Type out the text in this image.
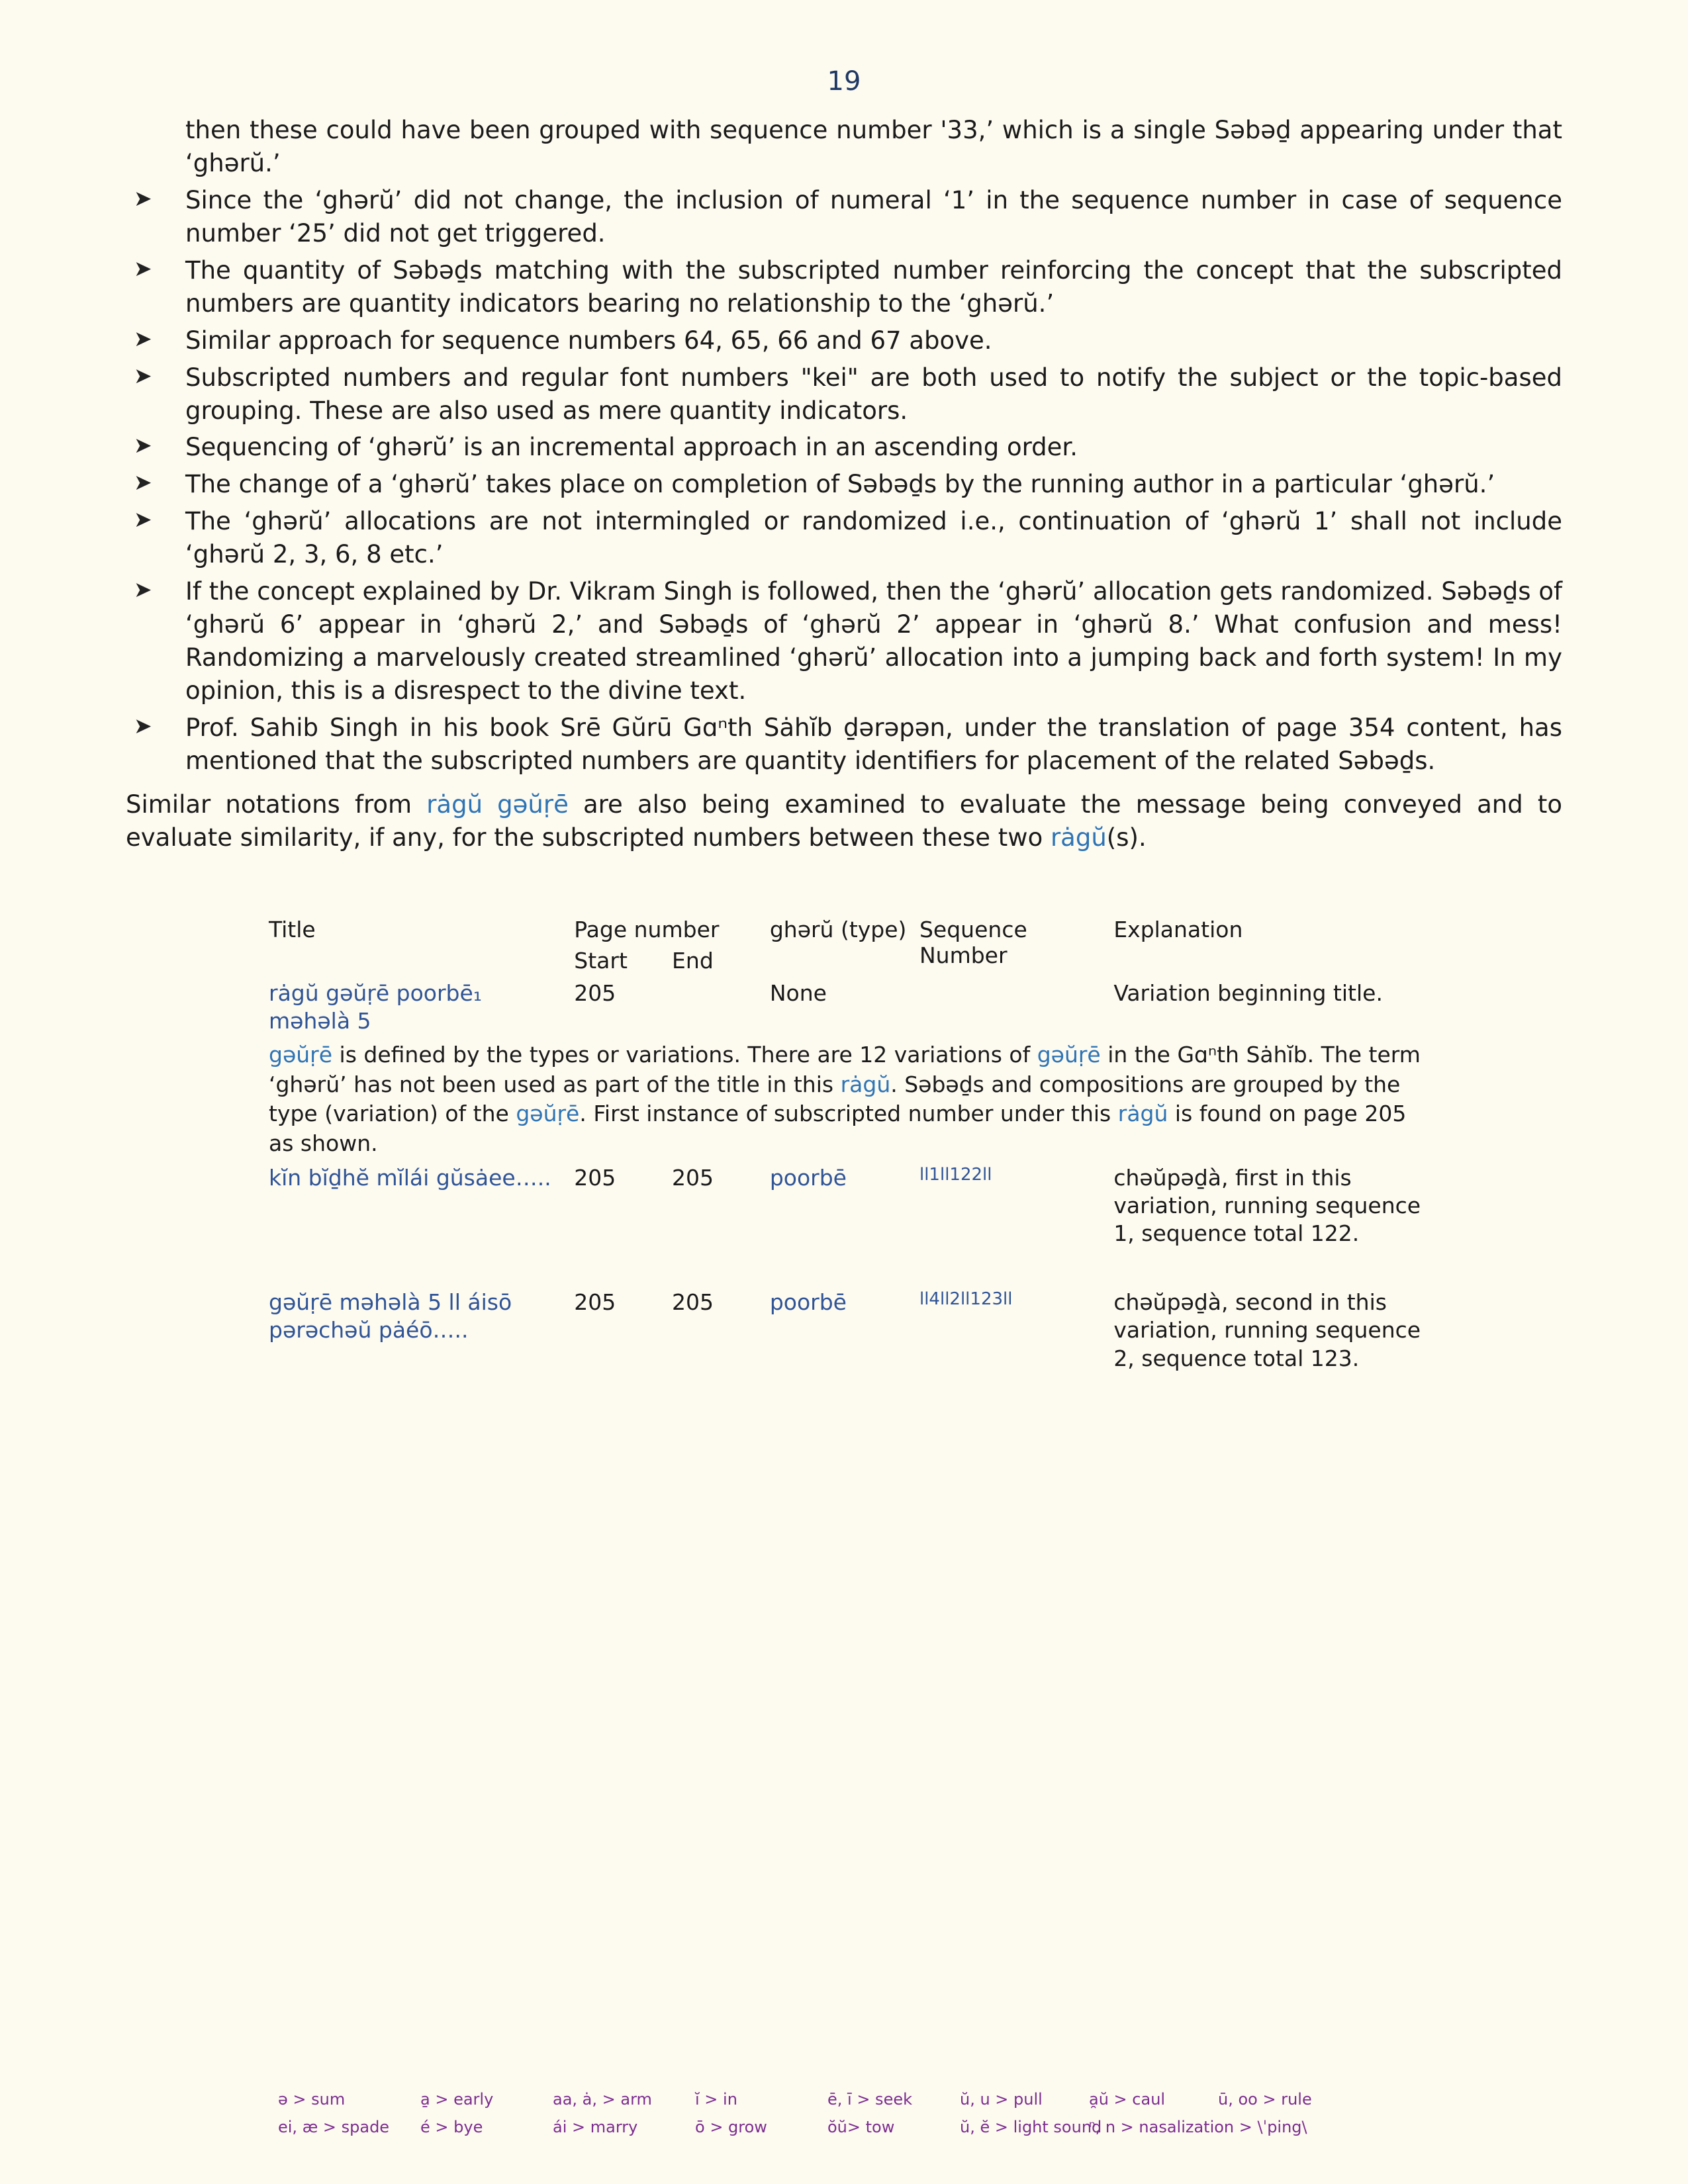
19
then these could have been grouped with sequence number '33,’ which is a single Səbəḏ appearing under that ‘ghərŭ.’
➤ Since the ‘ghərŭ’ did not change, the inclusion of numeral ‘1’ in the sequence number in case of sequence number ‘25’ did not get triggered.
➤ The quantity of Səbəḏs matching with the subscripted number reinforcing the concept that the subscripted numbers are quantity indicators bearing no relationship to the ‘ghərŭ.’
➤ Similar approach for sequence numbers 64, 65, 66 and 67 above.
➤ Subscripted numbers and regular font numbers "kei" are both used to notify the subject or the topic-based grouping. These are also used as mere quantity indicators.
➤ Sequencing of ‘ghərŭ’ is an incremental approach in an ascending order.
➤ The change of a ‘ghərŭ’ takes place on completion of Səbəḏs by the running author in a particular ‘ghərŭ.’
➤ The ‘ghərŭ’ allocations are not intermingled or randomized i.e., continuation of ‘ghərŭ 1’ shall not include ‘ghərŭ 2, 3, 6, 8 etc.’
➤ If the concept explained by Dr. Vikram Singh is followed, then the ‘ghərŭ’ allocation gets randomized. Səbəḏs of ‘ghərŭ 6’ appear in ‘ghərŭ 2,’ and Səbəḏs of ‘ghərŭ 2’ appear in ‘ghərŭ 8.’ What confusion and mess! Randomizing a marvelously created streamlined ‘ghərŭ’ allocation into a jumping back and forth system! In my opinion, this is a disrespect to the divine text.
➤ Prof. Sahib Singh in his book Srē Gŭrū Gɑⁿth Sȧhĭb ḏərəpən, under the translation of page 354 content, has mentioned that the subscripted numbers are quantity identifiers for placement of the related Səbəḏs.

Similar notations from rȧgŭ gəŭṛē are also being examined to evaluate the message being conveyed and to evaluate similarity, if any, for the subscripted numbers between these two rȧgŭ(s).

Title	Page number		ghərŭ (type)	Sequence Number	Explanation
	Start	End			
rȧgŭ gəŭṛē poorbē₁ məhəlà 5	205		None		Variation beginning title.
gəŭṛē is defined by the types or variations. There are 12 variations of gəŭṛē in the Gɑⁿth Sȧhĭb. The term ‘ghərŭ’ has not been used as part of the title in this rȧgŭ. Səbəḏs and compositions are grouped by the type (variation) of the gəŭṛē. First instance of subscripted number under this rȧgŭ is found on page 205 as shown.					
kĭn bĭḏhĕ mĭlái gŭsȧee…..	205	205	poorbē	ll1ll122ll	chəŭpəḏà, first in this variation, running sequence 1, sequence total 122.

gəŭṛē məhəlà 5 ll áisō pərəchəŭ pȧéō…..	205	205	poorbē	ll4ll2ll123ll	chəŭpəḏà, second in this variation, running sequence 2, sequence total 123.
ə > sum	a̱ > early	aa, ȧ, > arm	ĭ > in	ē, ī > seek	ŭ, u > pull	a̯ŭ > caul	ū, oo > rule
ei, æ > spade	é > bye	ái > marry	ō > grow	ŏŭ> tow	ŭ, ĕ > light sound
ⁿ, n > nasalization > \ˈping\
